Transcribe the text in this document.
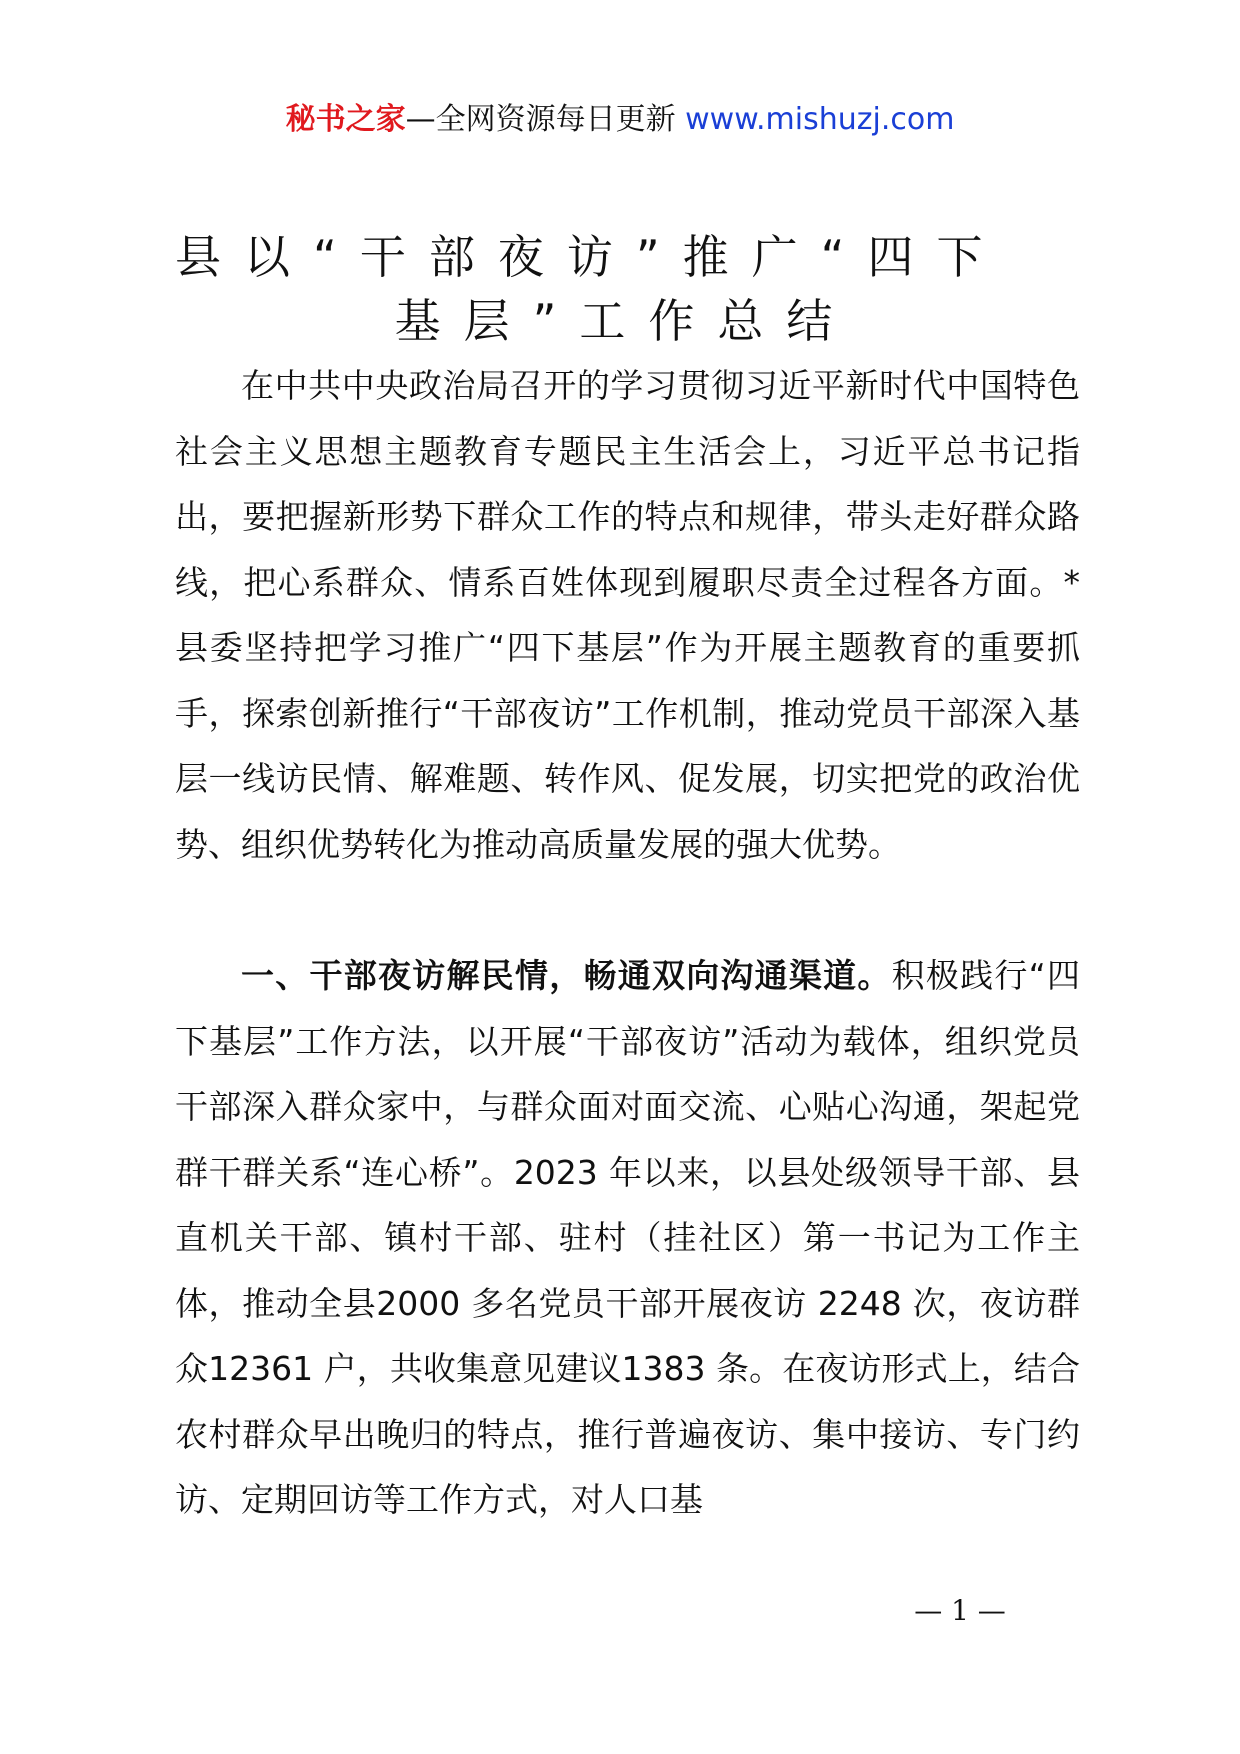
秘书之家—全网资源每日更新 www.mishuzj.com
县以“干部夜访”推广“四下
基层”工作总结

在中共中央政治局召开的学习贯彻习近平新时代中国特色社会主义思想主题教育专题民主生活会上，习近平总书记指出，要把握新形势下群众工作的特点和规律，带头走好群众路线，把心系群众、情系百姓体现到履职尽责全过程各方面。* 县委坚持把学习推广“四下基层”作为开展主题教育的重要抓手，探索创新推行“干部夜访”工作机制，推动党员干部深入基层一线访民情、解难题、转作风、促发展，切实把党的政治优势、组织优势转化为推动高质量发展的强大优势。

一、干部夜访解民情，畅通双向沟通渠道。积极践行“四下基层”工作方法，以开展“干部夜访”活动为载体，组织党员干部深入群众家中，与群众面对面交流、心贴心沟通，架起党群干群关系“连心桥”。2023 年以来，以县处级领导干部、县直机关干部、镇村干部、驻村（挂社区）第一书记为工作主体，推动全县2000 多名党员干部开展夜访 2248 次，夜访群众12361 户，共收集意见建议1383 条。在夜访形式上，结合农村群众早出晚归的特点，推行普遍夜访、集中接访、专门约访、定期回访等工作方式，对人口基

— 1 —
